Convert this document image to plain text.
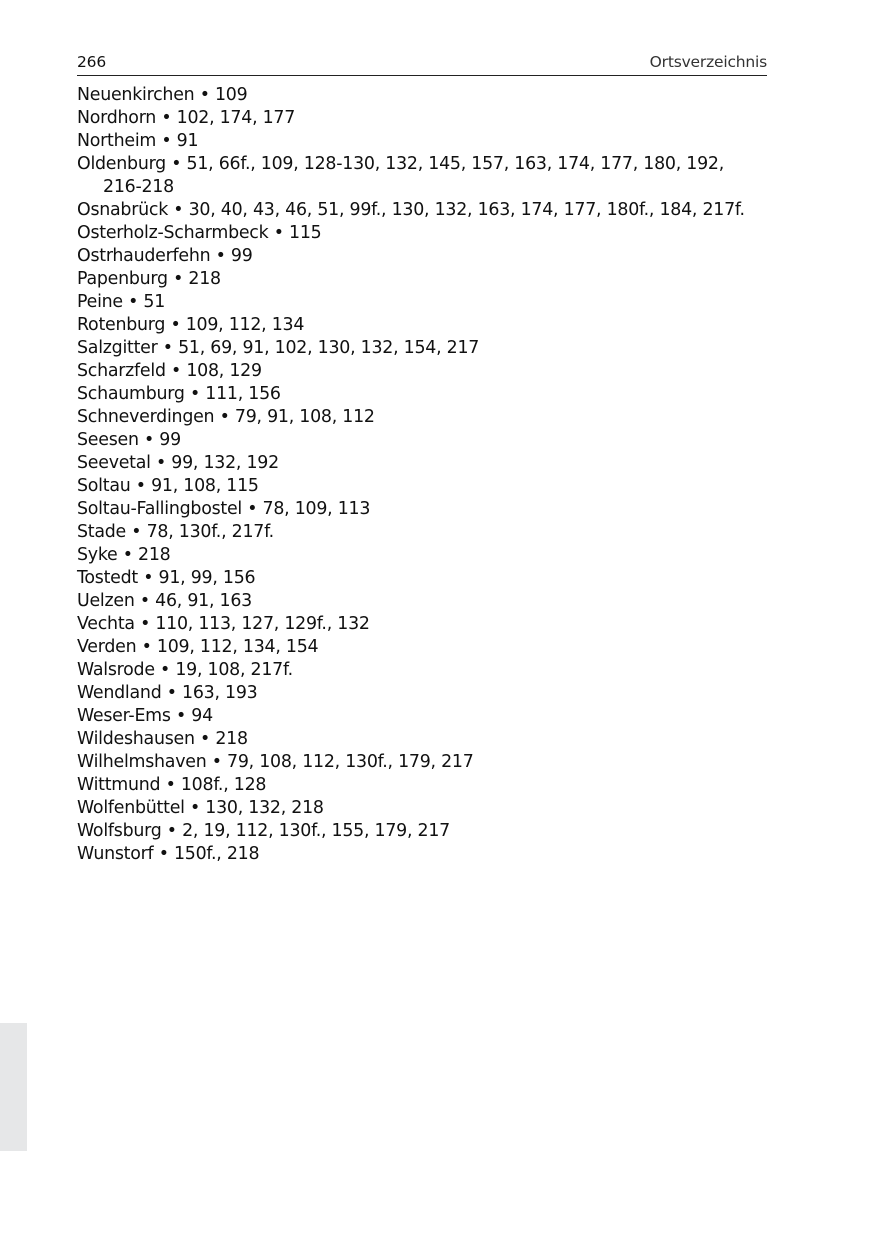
266	Ortsverzeichnis
Neuenkirchen • 109
Nordhorn • 102, 174, 177
Northeim • 91
Oldenburg • 51, 66f., 109, 128-130, 132, 145, 157, 163, 174, 177, 180, 192,
216-218
Osnabrück • 30, 40, 43, 46, 51, 99f., 130, 132, 163, 174, 177, 180f., 184, 217f.
Osterholz-Scharmbeck • 115
Ostrhauderfehn • 99
Papenburg • 218
Peine • 51
Rotenburg • 109, 112, 134
Salzgitter • 51, 69, 91, 102, 130, 132, 154, 217
Scharzfeld • 108, 129
Schaumburg • 111, 156
Schneverdingen • 79, 91, 108, 112
Seesen • 99
Seevetal • 99, 132, 192
Soltau • 91, 108, 115
Soltau-Fallingbostel • 78, 109, 113
Stade • 78, 130f., 217f.
Syke • 218
Tostedt • 91, 99, 156
Uelzen • 46, 91, 163
Vechta • 110, 113, 127, 129f., 132
Verden • 109, 112, 134, 154
Walsrode • 19, 108, 217f.
Wendland • 163, 193
Weser-Ems • 94
Wildeshausen • 218
Wilhelmshaven • 79, 108, 112, 130f., 179, 217
Wittmund • 108f., 128
Wolfenbüttel • 130, 132, 218
Wolfsburg • 2, 19, 112, 130f., 155, 179, 217
Wunstorf • 150f., 218
